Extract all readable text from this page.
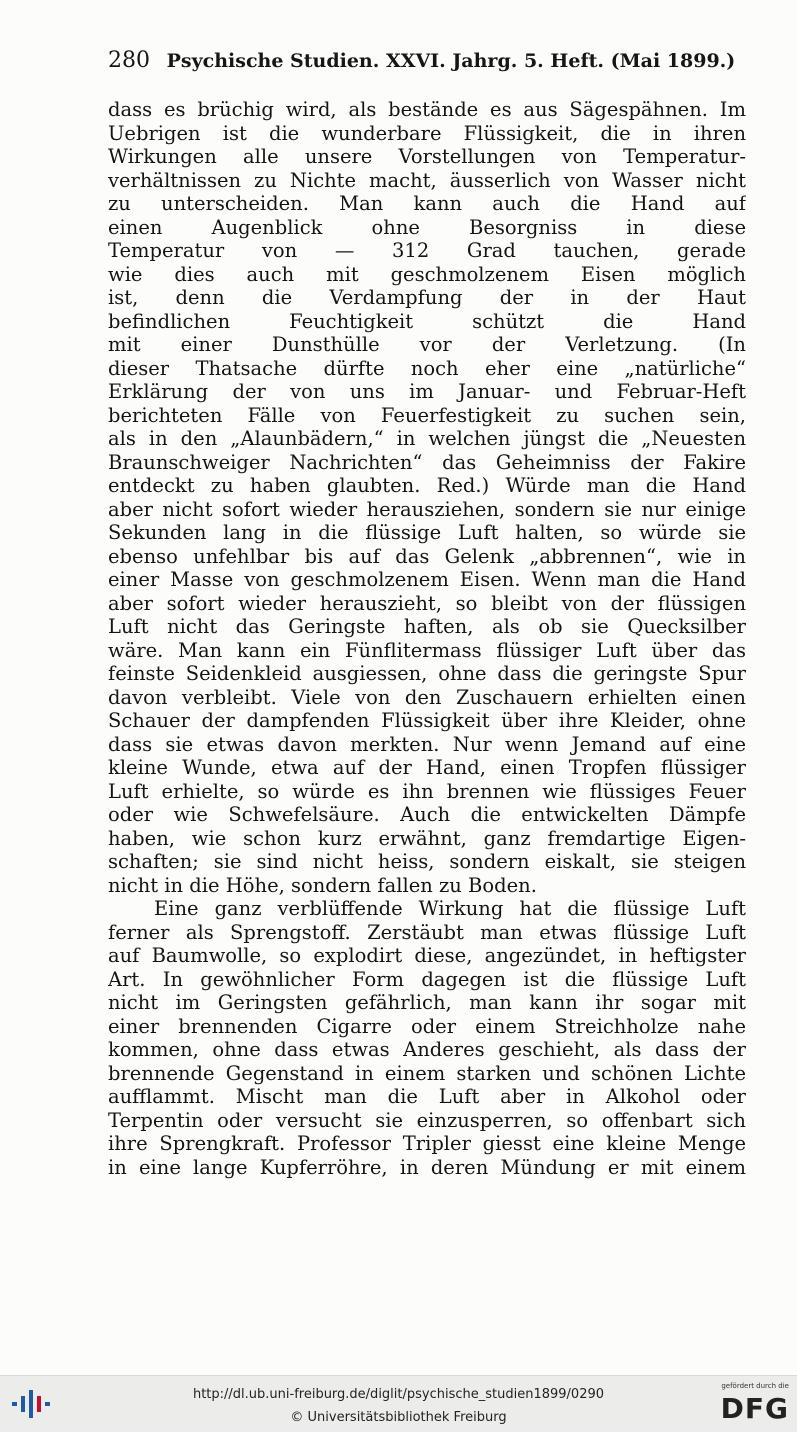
280 Psychische Studien. XXVI. Jahrg. 5. Heft. (Mai 1899.)
dass es brüchig wird, als bestände es aus Sägespähnen. Im
Uebrigen ist die wunderbare Flüssigkeit, die in ihren
Wirkungen alle unsere Vorstellungen von Temperatur-
verhältnissen zu Nichte macht, äusserlich von Wasser nicht
zu unterscheiden. Man kann auch die Hand auf
einen Augenblick ohne Besorgniss in diese
Temperatur von — 312 Grad tauchen, gerade
wie dies auch mit geschmolzenem Eisen möglich
ist, denn die Verdampfung der in der Haut
befindlichen Feuchtigkeit schützt die Hand
mit einer Dunsthülle vor der Verletzung. (In
dieser Thatsache dürfte noch eher eine „natürliche“
Erklärung der von uns im Januar- und Februar-Heft
berichteten Fälle von Feuerfestigkeit zu suchen sein,
als in den „Alaunbädern,“ in welchen jüngst die „Neuesten
Braunschweiger Nachrichten“ das Geheimniss der Fakire
entdeckt zu haben glaubten. Red.) Würde man die Hand
aber nicht sofort wieder herausziehen, sondern sie nur einige
Sekunden lang in die flüssige Luft halten, so würde sie
ebenso unfehlbar bis auf das Gelenk „abbrennen“, wie in
einer Masse von geschmolzenem Eisen. Wenn man die Hand
aber sofort wieder herauszieht, so bleibt von der flüssigen
Luft nicht das Geringste haften, als ob sie Quecksilber
wäre. Man kann ein Fünflitermass flüssiger Luft über das
feinste Seidenkleid ausgiessen, ohne dass die geringste Spur
davon verbleibt. Viele von den Zuschauern erhielten einen
Schauer der dampfenden Flüssigkeit über ihre Kleider, ohne
dass sie etwas davon merkten. Nur wenn Jemand auf eine
kleine Wunde, etwa auf der Hand, einen Tropfen flüssiger
Luft erhielte, so würde es ihn brennen wie flüssiges Feuer
oder wie Schwefelsäure. Auch die entwickelten Dämpfe
haben, wie schon kurz erwähnt, ganz fremdartige Eigen-
schaften; sie sind nicht heiss, sondern eiskalt, sie steigen
nicht in die Höhe, sondern fallen zu Boden.
Eine ganz verblüffende Wirkung hat die flüssige Luft
ferner als Sprengstoff. Zerstäubt man etwas flüssige Luft
auf Baumwolle, so explodirt diese, angezündet, in heftigster
Art. In gewöhnlicher Form dagegen ist die flüssige Luft
nicht im Geringsten gefährlich, man kann ihr sogar mit
einer brennenden Cigarre oder einem Streichholze nahe
kommen, ohne dass etwas Anderes geschieht, als dass der
brennende Gegenstand in einem starken und schönen Lichte
aufflammt. Mischt man die Luft aber in Alkohol oder
Terpentin oder versucht sie einzusperren, so offenbart sich
ihre Sprengkraft. Professor Tripler giesst eine kleine Menge
in eine lange Kupferröhre, in deren Mündung er mit einem
http://dl.ub.uni-freiburg.de/diglit/psychische_studien1899/0290
© Universitätsbibliothek Freiburg
gefördert durch die
DFG
